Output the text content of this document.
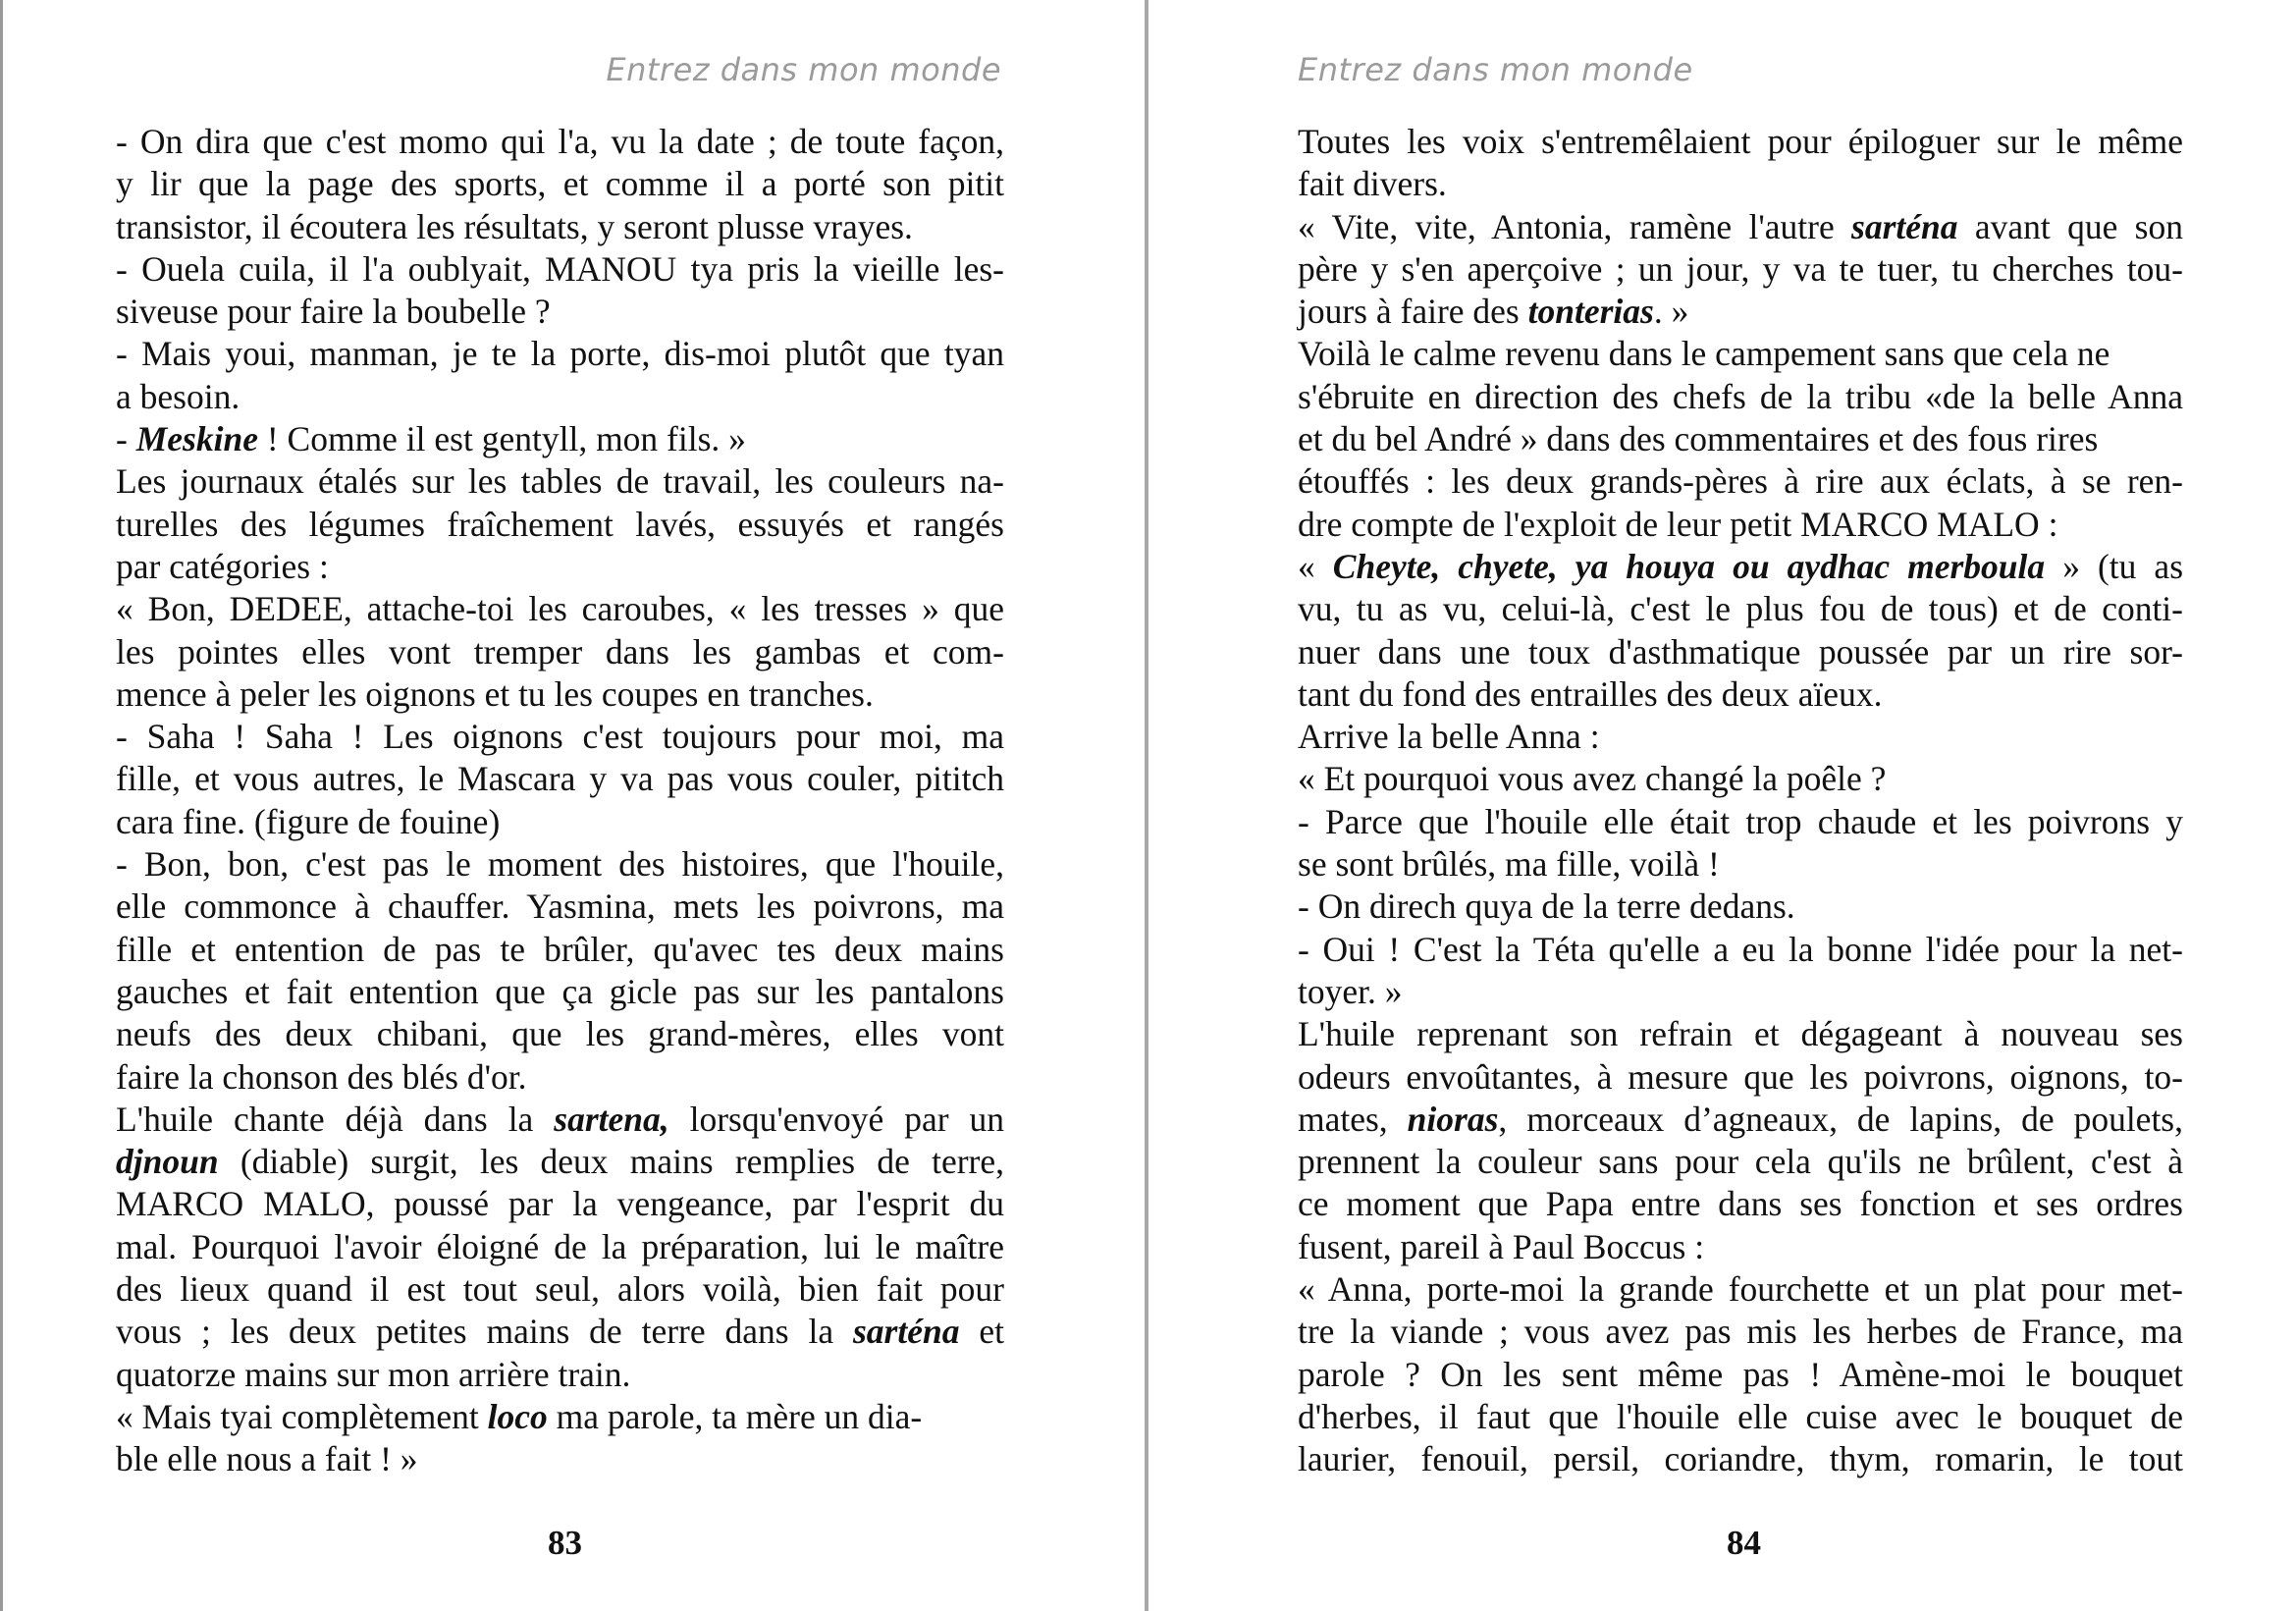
Entrez dans mon monde
- On dira que c'est momo qui l'a, vu la date ; de toute façon,
y lir que la page des sports, et comme il a porté son pitit
transistor, il écoutera les résultats, y seront plusse vrayes.
- Ouela cuila, il l'a oublyait, MANOU tya pris la vieille les-
siveuse pour faire la boubelle ?
- Mais youi, manman, je te la porte, dis-moi plutôt que tyan
a besoin.
- Meskine ! Comme il est gentyll, mon fils. »
Les journaux étalés sur les tables de travail, les couleurs na-
turelles des légumes fraîchement lavés, essuyés et rangés
par catégories :
« Bon, DEDEE, attache-toi les caroubes, « les tresses » que
les pointes elles vont tremper dans les gambas et com-
mence à peler les oignons et tu les coupes en tranches.
- Saha ! Saha ! Les oignons c'est toujours pour moi, ma
fille, et vous autres, le Mascara y va pas vous couler, pititch
cara fine. (figure de fouine)
- Bon, bon, c'est pas le moment des histoires, que l'houile,
elle commonce à chauffer. Yasmina, mets les poivrons, ma
fille et entention de pas te brûler, qu'avec tes deux mains
gauches et fait entention que ça gicle pas sur les pantalons
neufs des deux chibani, que les grand-mères, elles vont
faire la chonson des blés d'or.
L'huile chante déjà dans la sartena, lorsqu'envoyé par un
djnoun (diable) surgit, les deux mains remplies de terre,
MARCO MALO, poussé par la vengeance, par l'esprit du
mal. Pourquoi l'avoir éloigné de la préparation, lui le maître
des lieux quand il est tout seul, alors voilà, bien fait pour
vous ; les deux petites mains de terre dans la sarténa et
quatorze mains sur mon arrière train.
« Mais tyai complètement loco ma parole, ta mère un dia-
ble elle nous a fait ! »
83
Entrez dans mon monde
Toutes les voix s'entremêlaient pour épiloguer sur le même
fait divers.
« Vite, vite, Antonia, ramène l'autre sarténa avant que son
père y s'en aperçoive ; un jour, y va te tuer, tu cherches tou-
jours à faire des tonterias. »
Voilà le calme revenu dans le campement sans que cela ne
s'ébruite en direction des chefs de la tribu «de la belle Anna
et du bel André » dans des commentaires et des fous rires
étouffés : les deux grands-pères à rire aux éclats, à se ren-
dre compte de l'exploit de leur petit MARCO MALO :
« Cheyte, chyete, ya houya ou aydhac merboula » (tu as
vu, tu as vu, celui-là, c'est le plus fou de tous) et de conti-
nuer dans une toux d'asthmatique poussée par un rire sor-
tant du fond des entrailles des deux aïeux.
Arrive la belle Anna :
« Et pourquoi vous avez changé la poêle ?
- Parce que l'houile elle était trop chaude et les poivrons y
se sont brûlés, ma fille, voilà !
- On direch quya de la terre dedans.
- Oui ! C'est la Téta qu'elle a eu la bonne l'idée pour la net-
toyer. »
L'huile reprenant son refrain et dégageant à nouveau ses
odeurs envoûtantes, à mesure que les poivrons, oignons, to-
mates, nioras, morceaux d’agneaux, de lapins, de poulets,
prennent la couleur sans pour cela qu'ils ne brûlent, c'est à
ce moment que Papa entre dans ses fonction et ses ordres
fusent, pareil à Paul Boccus :
« Anna, porte-moi la grande fourchette et un plat pour met-
tre la viande ; vous avez pas mis les herbes de France, ma
parole ? On les sent même pas ! Amène-moi le bouquet
d'herbes, il faut que l'houile elle cuise avec le bouquet de
laurier, fenouil, persil, coriandre, thym, romarin, le tout
84
